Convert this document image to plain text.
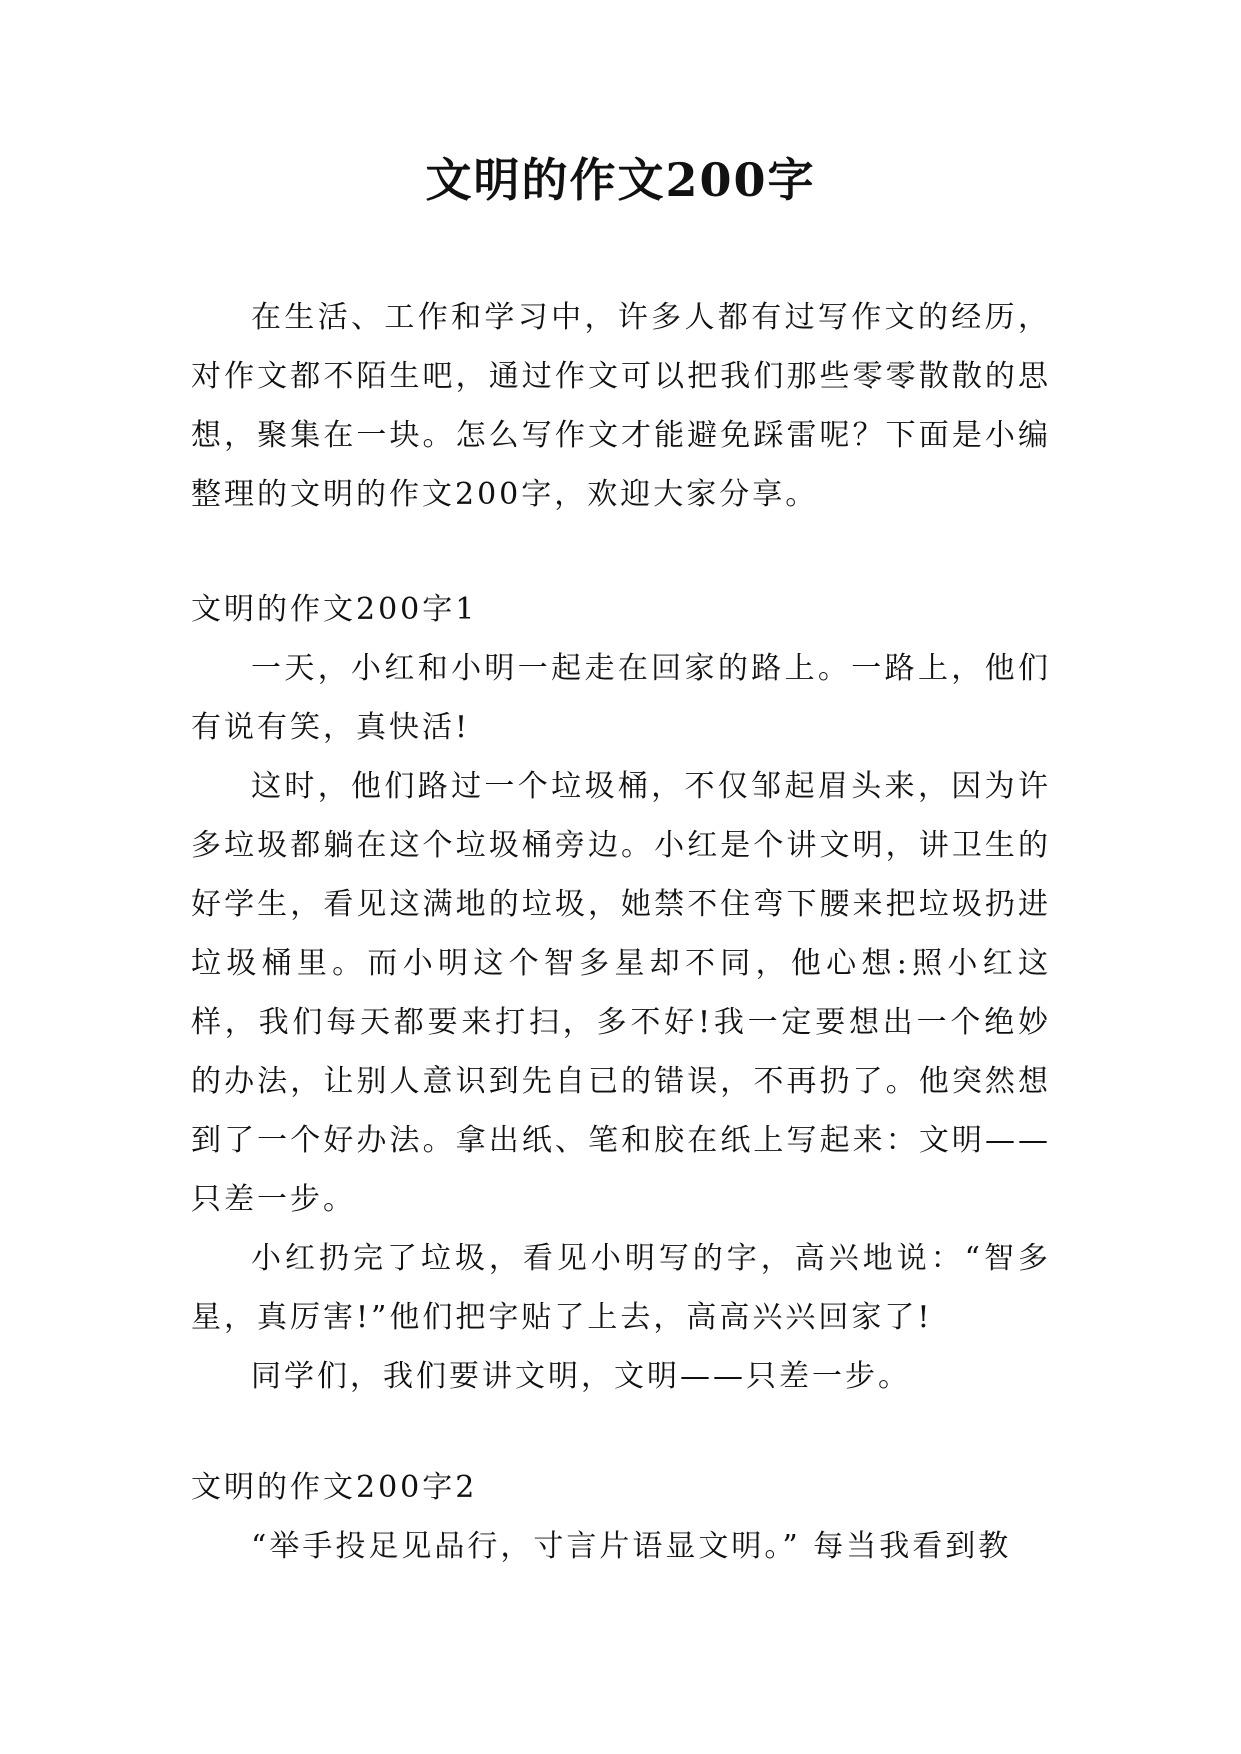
文明的作文200字

在生活、工作和学习中，许多人都有过写作文的经历，对作文都不陌生吧，通过作文可以把我们那些零零散散的思想，聚集在一块。怎么写作文才能避免踩雷呢？下面是小编整理的文明的作文200字，欢迎大家分享。

文明的作文200字1

一天，小红和小明一起走在回家的路上。一路上，他们有说有笑，真快活!

这时，他们路过一个垃圾桶，不仅邹起眉头来，因为许多垃圾都躺在这个垃圾桶旁边。小红是个讲文明，讲卫生的好学生，看见这满地的垃圾，她禁不住弯下腰来把垃圾扔进垃圾桶里。而小明这个智多星却不同，他心想:照小红这样，我们每天都要来打扫，多不好!我一定要想出一个绝妙的办法，让别人意识到先自已的错误，不再扔了。他突然想到了一个好办法。拿出纸、笔和胶在纸上写起来：文明——只差一步。

小红扔完了垃圾，看见小明写的字，高兴地说：“智多星，真厉害!”他们把字贴了上去，高高兴兴回家了!

同学们，我们要讲文明，文明——只差一步。

文明的作文200字2

“举手投足见品行，寸言片语显文明。” 每当我看到教
